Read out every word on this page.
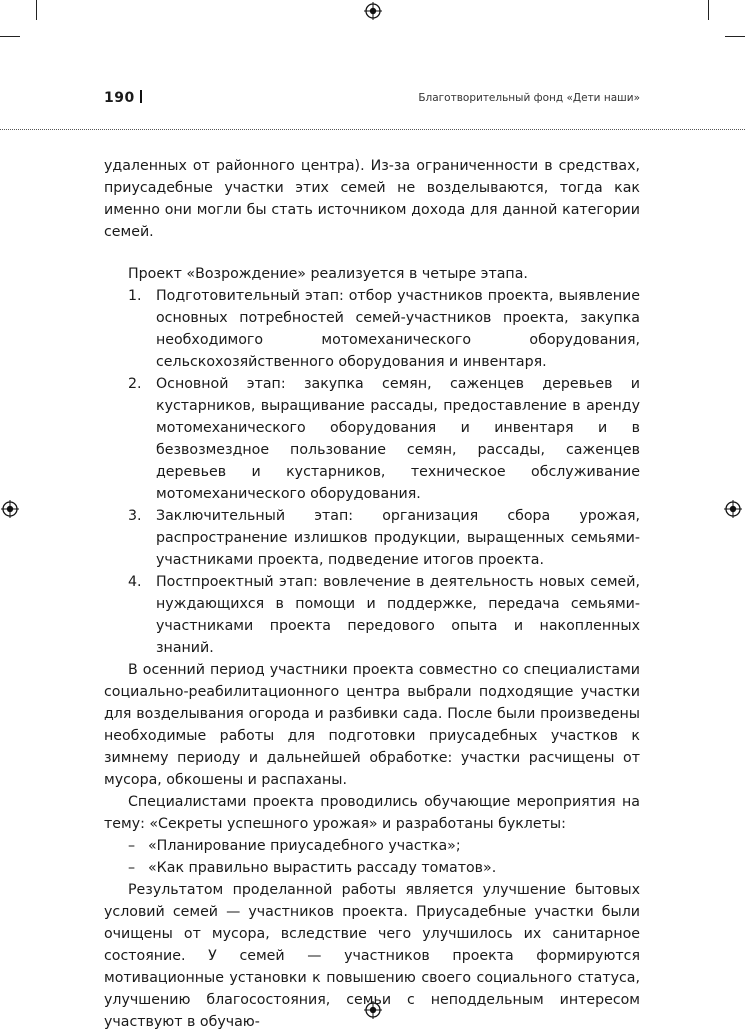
190	Благотворительный фонд «Дети наши»

удаленных от районного центра). Из-за ограниченности в средствах, приусадебные участки этих семей не возделываются, тогда как именно они могли бы стать источником дохода для данной категории семей.

Проект «Возрождение» реализуется в четыре этапа.

1. Подготовительный этап: отбор участников проекта, выявление основных потребностей семей-участников проекта, закупка необходимого мотомеханического оборудования, сельскохозяйственного оборудования и инвентаря.
2. Основной этап: закупка семян, саженцев деревьев и кустарников, выращивание рассады, предоставление в аренду мотомеханического оборудования и инвентаря и в безвозмездное пользование семян, рассады, саженцев деревьев и кустарников, техническое обслуживание мотомеханического оборудования.
3. Заключительный этап: организация сбора урожая, распространение излишков продукции, выращенных семьями-участниками проекта, подведение итогов проекта.
4. Постпроектный этап: вовлечение в деятельность новых семей, нуждающихся в помощи и поддержке, передача семьями-участниками проекта передового опыта и накопленных знаний.

В осенний период участники проекта совместно со специалистами социально-реабилитационного центра выбрали подходящие участки для возделывания огорода и разбивки сада. После были произведены необходимые работы для подготовки приусадебных участков к зимнему периоду и дальнейшей обработке: участки расчищены от мусора, обкошены и распаханы.

Специалистами проекта проводились обучающие мероприятия на тему: «Секреты успешного урожая» и разработаны буклеты:

– «Планирование приусадебного участка»;
– «Как правильно вырастить рассаду томатов».

Результатом проделанной работы является улучшение бытовых условий семей — участников проекта. Приусадебные участки были очищены от мусора, вследствие чего улучшилось их санитарное состояние. У семей — участников проекта формируются мотивационные установки к повышению своего социального статуса, улучшению благосостояния, семьи с неподдельным интересом участвуют в обучаю-
